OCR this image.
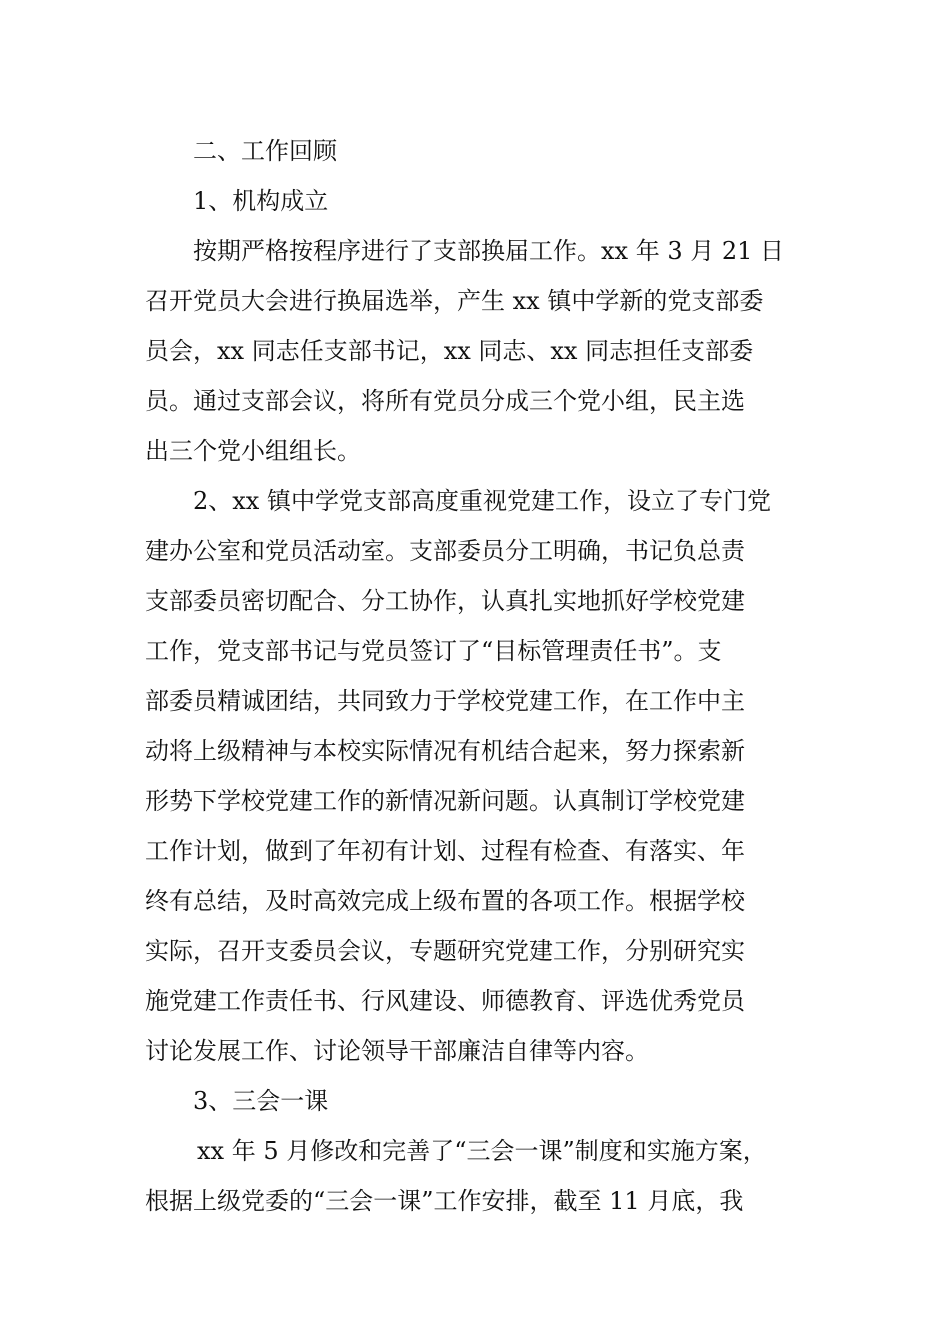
二、工作回顾
1、机构成立
按期严格按程序进行了支部换届工作。xx 年 3 月 21 日
召开党员大会进行换届选举，产生 xx 镇中学新的党支部委
员会，xx 同志任支部书记，xx 同志、xx 同志担任支部委
员。通过支部会议，将所有党员分成三个党小组，民主选
出三个党小组组长。
2、xx 镇中学党支部高度重视党建工作，设立了专门党
建办公室和党员活动室。支部委员分工明确，书记负总责
支部委员密切配合、分工协作，认真扎实地抓好学校党建
工作，党支部书记与党员签订了“目标管理责任书”。支
部委员精诚团结，共同致力于学校党建工作，在工作中主
动将上级精神与本校实际情况有机结合起来，努力探索新
形势下学校党建工作的新情况新问题。认真制订学校党建
工作计划，做到了年初有计划、过程有检查、有落实、年
终有总结，及时高效完成上级布置的各项工作。根据学校
实际，召开支委员会议，专题研究党建工作，分别研究实
施党建工作责任书、行风建设、师德教育、评选优秀党员
讨论发展工作、讨论领导干部廉洁自律等内容。
3、三会一课
xx 年 5 月修改和完善了“三会一课”制度和实施方案，
根据上级党委的“三会一课”工作安排，截至 11 月底，我
